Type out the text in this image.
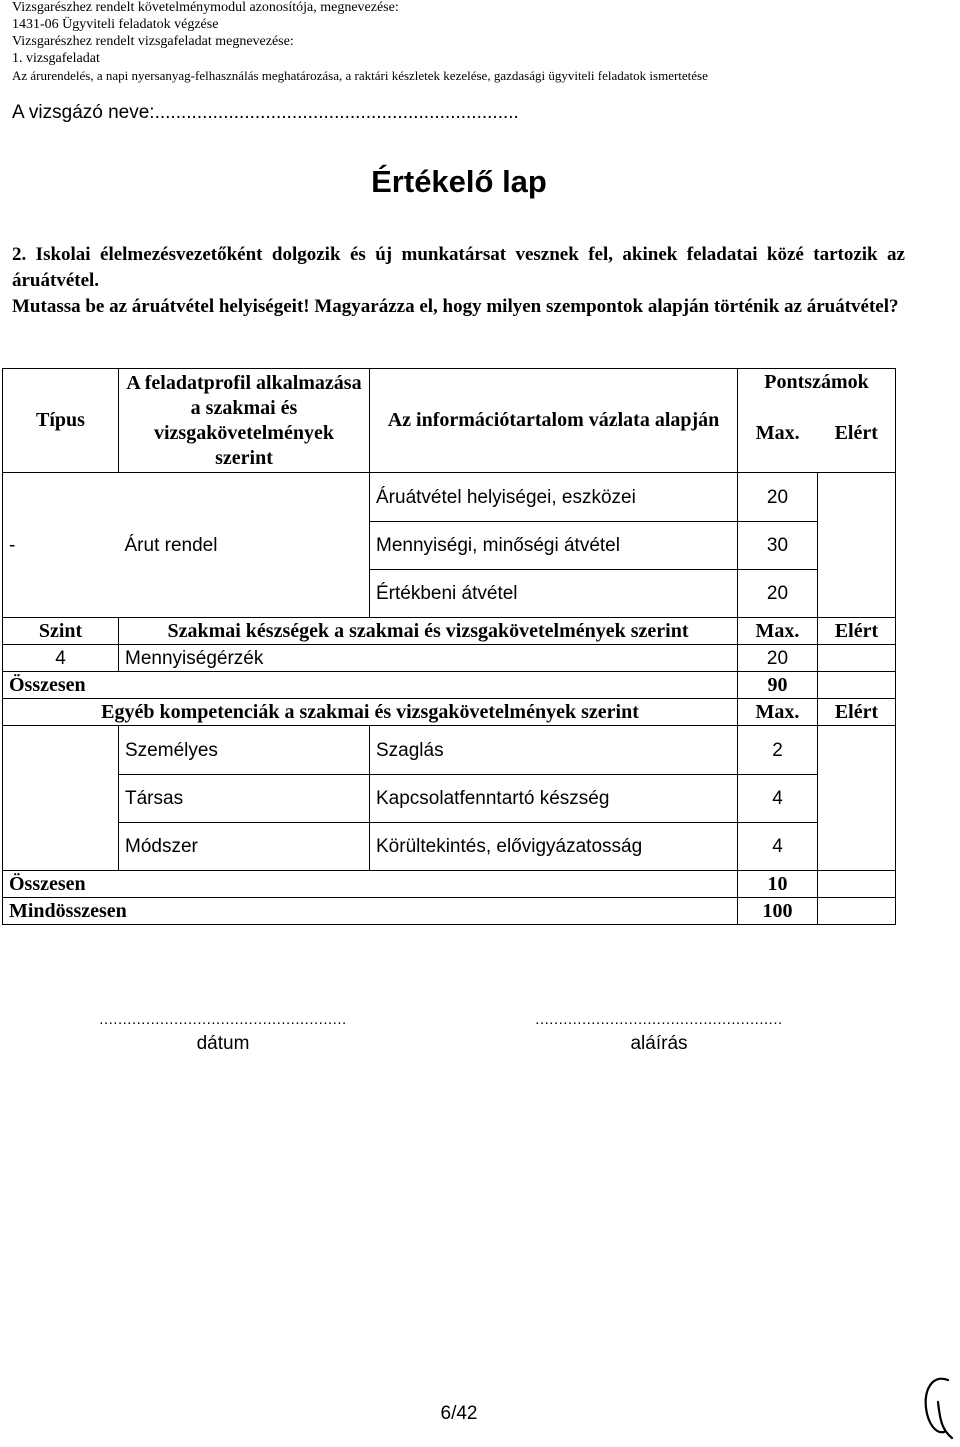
Vizsgarészhez rendelt követelménymodul azonosítója, megnevezése:
1431-06 Ügyviteli feladatok végzése
Vizsgarészhez rendelt vizsgafeladat megnevezése:
1. vizsgafeladat
Az árurendelés, a napi nyersanyag-felhasználás meghatározása, a raktári készletek kezelése, gazdasági ügyviteli feladatok ismertetése
A vizsgázó neve:.....................................................................
Értékelő lap

2. Iskolai élelmezésvezetőként dolgozik és új munkatársat vesznek fel, akinek feladatai közé tartozik az áruátvétel.

Mutassa be az áruátvétel helyiségeit! Magyarázza el, hogy milyen szempontok alapján történik az áruátvétel?

Típus	A feladatprofil alkalmazása a szakmai és vizsgakövetelmények szerint	Az információtartalom vázlata alapján	Pontszámok	
			Max.	Elért
-	Árut rendel	Áruátvétel helyiségei, eszközei	20	
		Mennyiségi, minőségi átvétel	30	
		Értékbeni átvétel	20	
Szint	Szakmai készségek a szakmai és vizsgakövetelmények szerint		Max.	Elért
4	Mennyiségérzék		20	
Összesen			90	
Egyéb kompetenciák a szakmai és vizsgakövetelmények szerint			Max.	Elért
	Személyes	Szaglás	2	
	Társas	Kapcsolatfenntartó készség	4	
	Módszer	Körültekintés, elővigyázatosság	4	
Összesen			10	
Mindösszesen			100	
.....................................................
dátum
.....................................................
aláírás
6/42
